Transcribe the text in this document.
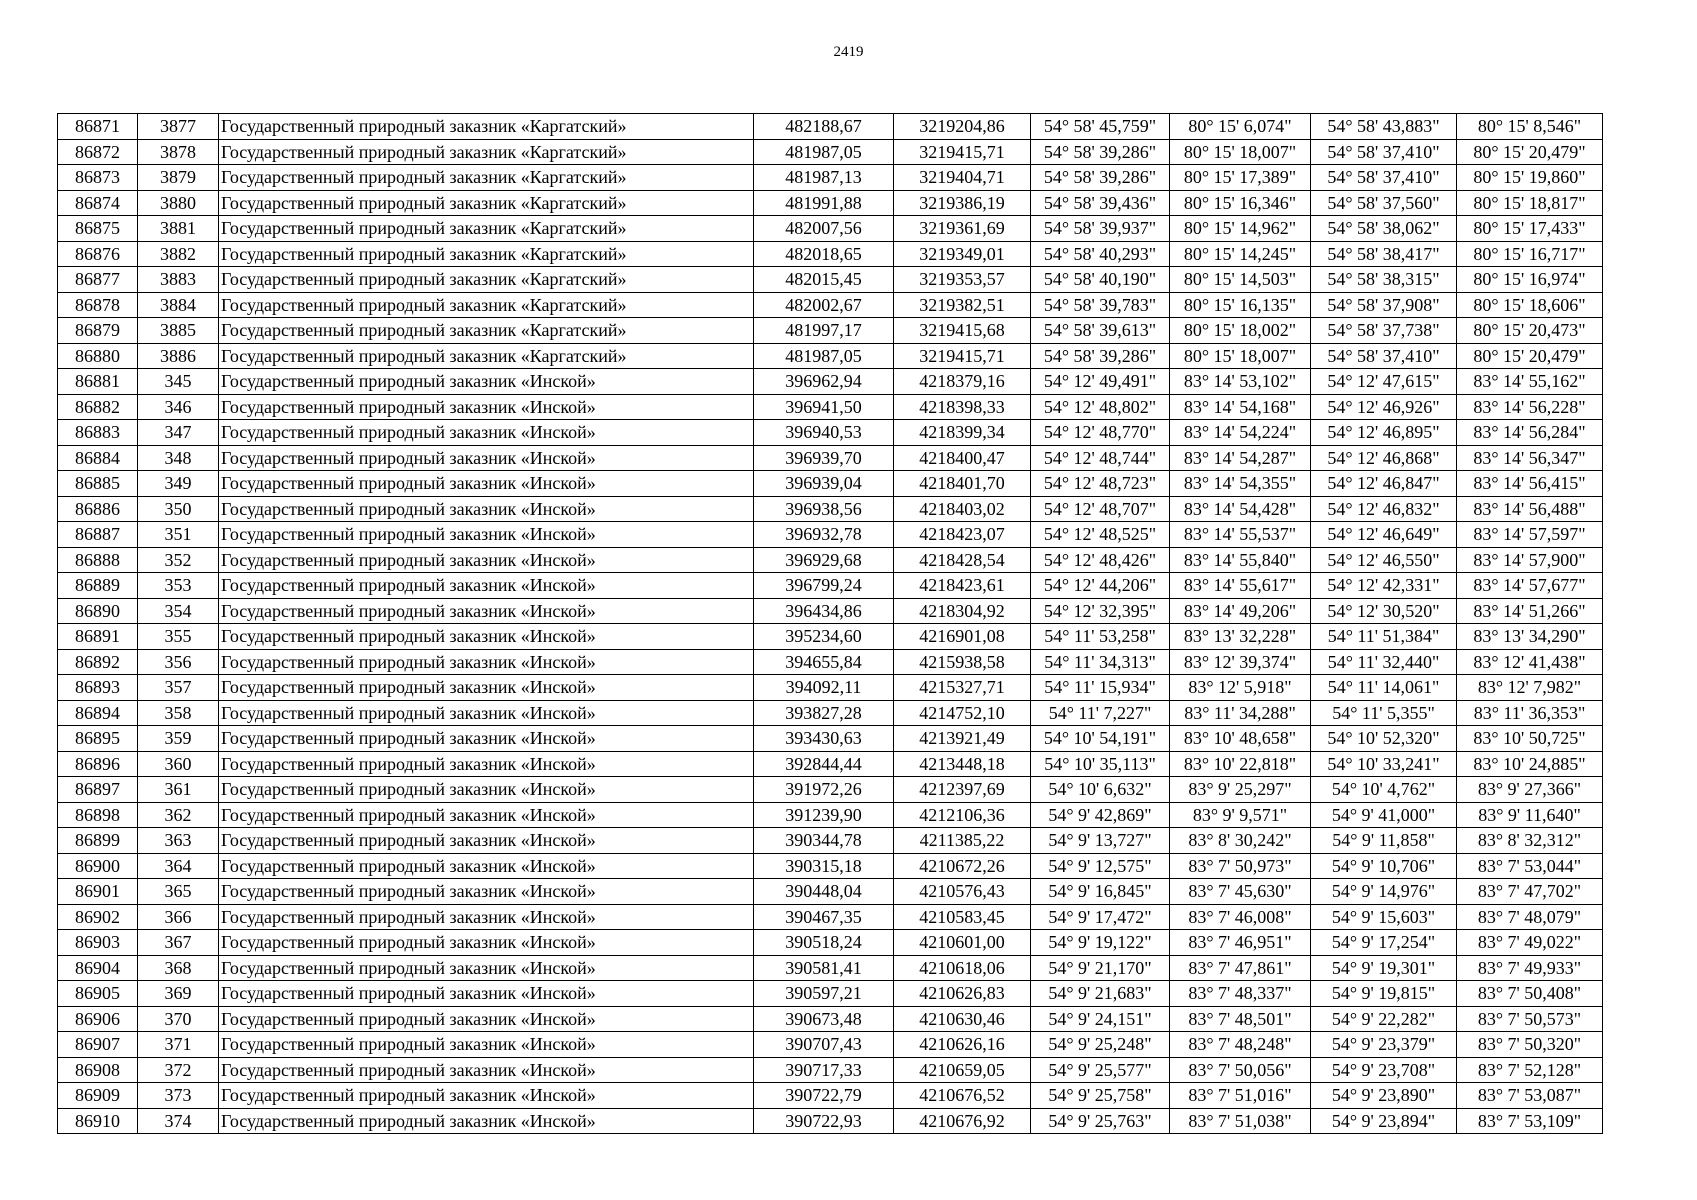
2419
86871	3877	Государственный природный заказник «Каргатский»	482188,67	3219204,86	54° 58' 45,759"	80° 15' 6,074"	54° 58' 43,883"	80° 15' 8,546"
86872	3878	Государственный природный заказник «Каргатский»	481987,05	3219415,71	54° 58' 39,286"	80° 15' 18,007"	54° 58' 37,410"	80° 15' 20,479"
86873	3879	Государственный природный заказник «Каргатский»	481987,13	3219404,71	54° 58' 39,286"	80° 15' 17,389"	54° 58' 37,410"	80° 15' 19,860"
86874	3880	Государственный природный заказник «Каргатский»	481991,88	3219386,19	54° 58' 39,436"	80° 15' 16,346"	54° 58' 37,560"	80° 15' 18,817"
86875	3881	Государственный природный заказник «Каргатский»	482007,56	3219361,69	54° 58' 39,937"	80° 15' 14,962"	54° 58' 38,062"	80° 15' 17,433"
86876	3882	Государственный природный заказник «Каргатский»	482018,65	3219349,01	54° 58' 40,293"	80° 15' 14,245"	54° 58' 38,417"	80° 15' 16,717"
86877	3883	Государственный природный заказник «Каргатский»	482015,45	3219353,57	54° 58' 40,190"	80° 15' 14,503"	54° 58' 38,315"	80° 15' 16,974"
86878	3884	Государственный природный заказник «Каргатский»	482002,67	3219382,51	54° 58' 39,783"	80° 15' 16,135"	54° 58' 37,908"	80° 15' 18,606"
86879	3885	Государственный природный заказник «Каргатский»	481997,17	3219415,68	54° 58' 39,613"	80° 15' 18,002"	54° 58' 37,738"	80° 15' 20,473"
86880	3886	Государственный природный заказник «Каргатский»	481987,05	3219415,71	54° 58' 39,286"	80° 15' 18,007"	54° 58' 37,410"	80° 15' 20,479"
86881	345	Государственный природный заказник «Инской»	396962,94	4218379,16	54° 12' 49,491"	83° 14' 53,102"	54° 12' 47,615"	83° 14' 55,162"
86882	346	Государственный природный заказник «Инской»	396941,50	4218398,33	54° 12' 48,802"	83° 14' 54,168"	54° 12' 46,926"	83° 14' 56,228"
86883	347	Государственный природный заказник «Инской»	396940,53	4218399,34	54° 12' 48,770"	83° 14' 54,224"	54° 12' 46,895"	83° 14' 56,284"
86884	348	Государственный природный заказник «Инской»	396939,70	4218400,47	54° 12' 48,744"	83° 14' 54,287"	54° 12' 46,868"	83° 14' 56,347"
86885	349	Государственный природный заказник «Инской»	396939,04	4218401,70	54° 12' 48,723"	83° 14' 54,355"	54° 12' 46,847"	83° 14' 56,415"
86886	350	Государственный природный заказник «Инской»	396938,56	4218403,02	54° 12' 48,707"	83° 14' 54,428"	54° 12' 46,832"	83° 14' 56,488"
86887	351	Государственный природный заказник «Инской»	396932,78	4218423,07	54° 12' 48,525"	83° 14' 55,537"	54° 12' 46,649"	83° 14' 57,597"
86888	352	Государственный природный заказник «Инской»	396929,68	4218428,54	54° 12' 48,426"	83° 14' 55,840"	54° 12' 46,550"	83° 14' 57,900"
86889	353	Государственный природный заказник «Инской»	396799,24	4218423,61	54° 12' 44,206"	83° 14' 55,617"	54° 12' 42,331"	83° 14' 57,677"
86890	354	Государственный природный заказник «Инской»	396434,86	4218304,92	54° 12' 32,395"	83° 14' 49,206"	54° 12' 30,520"	83° 14' 51,266"
86891	355	Государственный природный заказник «Инской»	395234,60	4216901,08	54° 11' 53,258"	83° 13' 32,228"	54° 11' 51,384"	83° 13' 34,290"
86892	356	Государственный природный заказник «Инской»	394655,84	4215938,58	54° 11' 34,313"	83° 12' 39,374"	54° 11' 32,440"	83° 12' 41,438"
86893	357	Государственный природный заказник «Инской»	394092,11	4215327,71	54° 11' 15,934"	83° 12' 5,918"	54° 11' 14,061"	83° 12' 7,982"
86894	358	Государственный природный заказник «Инской»	393827,28	4214752,10	54° 11' 7,227"	83° 11' 34,288"	54° 11' 5,355"	83° 11' 36,353"
86895	359	Государственный природный заказник «Инской»	393430,63	4213921,49	54° 10' 54,191"	83° 10' 48,658"	54° 10' 52,320"	83° 10' 50,725"
86896	360	Государственный природный заказник «Инской»	392844,44	4213448,18	54° 10' 35,113"	83° 10' 22,818"	54° 10' 33,241"	83° 10' 24,885"
86897	361	Государственный природный заказник «Инской»	391972,26	4212397,69	54° 10' 6,632"	83° 9' 25,297"	54° 10' 4,762"	83° 9' 27,366"
86898	362	Государственный природный заказник «Инской»	391239,90	4212106,36	54° 9' 42,869"	83° 9' 9,571"	54° 9' 41,000"	83° 9' 11,640"
86899	363	Государственный природный заказник «Инской»	390344,78	4211385,22	54° 9' 13,727"	83° 8' 30,242"	54° 9' 11,858"	83° 8' 32,312"
86900	364	Государственный природный заказник «Инской»	390315,18	4210672,26	54° 9' 12,575"	83° 7' 50,973"	54° 9' 10,706"	83° 7' 53,044"
86901	365	Государственный природный заказник «Инской»	390448,04	4210576,43	54° 9' 16,845"	83° 7' 45,630"	54° 9' 14,976"	83° 7' 47,702"
86902	366	Государственный природный заказник «Инской»	390467,35	4210583,45	54° 9' 17,472"	83° 7' 46,008"	54° 9' 15,603"	83° 7' 48,079"
86903	367	Государственный природный заказник «Инской»	390518,24	4210601,00	54° 9' 19,122"	83° 7' 46,951"	54° 9' 17,254"	83° 7' 49,022"
86904	368	Государственный природный заказник «Инской»	390581,41	4210618,06	54° 9' 21,170"	83° 7' 47,861"	54° 9' 19,301"	83° 7' 49,933"
86905	369	Государственный природный заказник «Инской»	390597,21	4210626,83	54° 9' 21,683"	83° 7' 48,337"	54° 9' 19,815"	83° 7' 50,408"
86906	370	Государственный природный заказник «Инской»	390673,48	4210630,46	54° 9' 24,151"	83° 7' 48,501"	54° 9' 22,282"	83° 7' 50,573"
86907	371	Государственный природный заказник «Инской»	390707,43	4210626,16	54° 9' 25,248"	83° 7' 48,248"	54° 9' 23,379"	83° 7' 50,320"
86908	372	Государственный природный заказник «Инской»	390717,33	4210659,05	54° 9' 25,577"	83° 7' 50,056"	54° 9' 23,708"	83° 7' 52,128"
86909	373	Государственный природный заказник «Инской»	390722,79	4210676,52	54° 9' 25,758"	83° 7' 51,016"	54° 9' 23,890"	83° 7' 53,087"
86910	374	Государственный природный заказник «Инской»	390722,93	4210676,92	54° 9' 25,763"	83° 7' 51,038"	54° 9' 23,894"	83° 7' 53,109"
